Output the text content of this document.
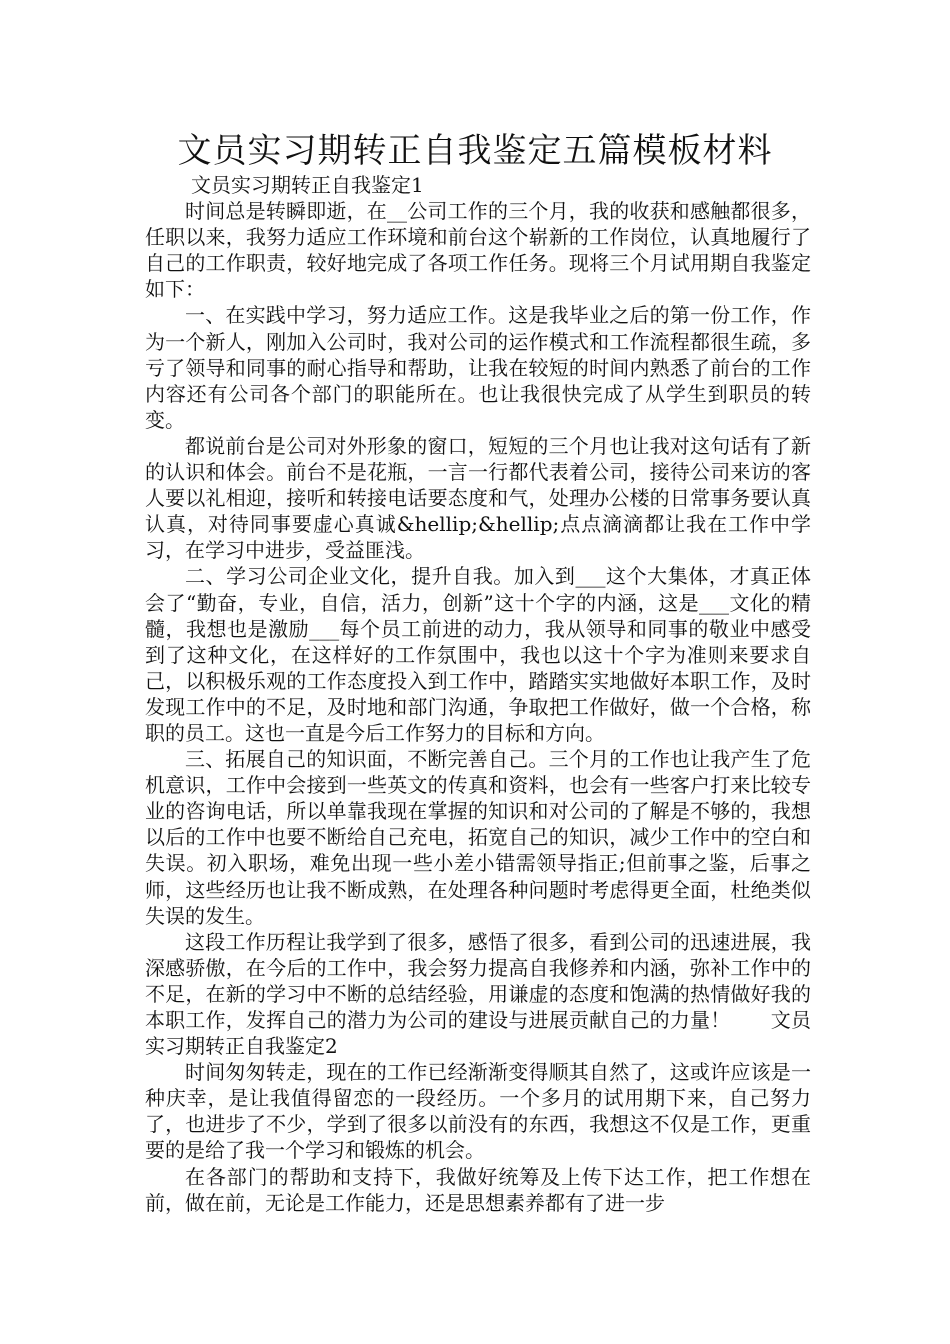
文员实习期转正自我鉴定五篇模板材料

文员实习期转正自我鉴定1

时间总是转瞬即逝，在__公司工作的三个月，我的收获和感触都很多，任职以来，我努力适应工作环境和前台这个崭新的工作岗位，认真地履行了自己的工作职责，较好地完成了各项工作任务。现将三个月试用期自我鉴定如下：

一、在实践中学习，努力适应工作。这是我毕业之后的第一份工作，作为一个新人，刚加入公司时，我对公司的运作模式和工作流程都很生疏，多亏了领导和同事的耐心指导和帮助，让我在较短的时间内熟悉了前台的工作内容还有公司各个部门的职能所在。也让我很快完成了从学生到职员的转变。

都说前台是公司对外形象的窗口，短短的三个月也让我对这句话有了新的认识和体会。前台不是花瓶，一言一行都代表着公司，接待公司来访的客人要以礼相迎，接听和转接电话要态度和气，处理办公楼的日常事务要认真认真，对待同事要虚心真诚&hellip;&hellip;点点滴滴都让我在工作中学习，在学习中进步，受益匪浅。

二、学习公司企业文化，提升自我。加入到___这个大集体，才真正体会了“勤奋，专业，自信，活力，创新”这十个字的内涵，这是___文化的精髓，我想也是激励___每个员工前进的动力，我从领导和同事的敬业中感受到了这种文化，在这样好的工作氛围中，我也以这十个字为准则来要求自己，以积极乐观的工作态度投入到工作中，踏踏实实地做好本职工作，及时发现工作中的不足，及时地和部门沟通，争取把工作做好，做一个合格，称职的员工。这也一直是今后工作努力的目标和方向。

三、拓展自己的知识面，不断完善自己。三个月的工作也让我产生了危机意识，工作中会接到一些英文的传真和资料，也会有一些客户打来比较专业的咨询电话，所以单靠我现在掌握的知识和对公司的了解是不够的，我想以后的工作中也要不断给自己充电，拓宽自己的知识，减少工作中的空白和失误。初入职场，难免出现一些小差小错需领导指正;但前事之鉴，后事之师，这些经历也让我不断成熟，在处理各种问题时考虑得更全面，杜绝类似失误的发生。

这段工作历程让我学到了很多，感悟了很多，看到公司的迅速进展，我深感骄傲，在今后的工作中，我会努力提高自我修养和内涵，弥补工作中的不足，在新的学习中不断的总结经验，用谦虚的态度和饱满的热情做好我的本职工作，发挥自己的潜力为公司的建设与进展贡献自己的力量！　　文员实习期转正自我鉴定2

时间匆匆转走，现在的工作已经渐渐变得顺其自然了，这或许应该是一种庆幸，是让我值得留恋的一段经历。一个多月的试用期下来，自己努力了，也进步了不少，学到了很多以前没有的东西，我想这不仅是工作，更重要的是给了我一个学习和锻炼的机会。

在各部门的帮助和支持下，我做好统筹及上传下达工作，把工作想在前，做在前，无论是工作能力，还是思想素养都有了进一步
